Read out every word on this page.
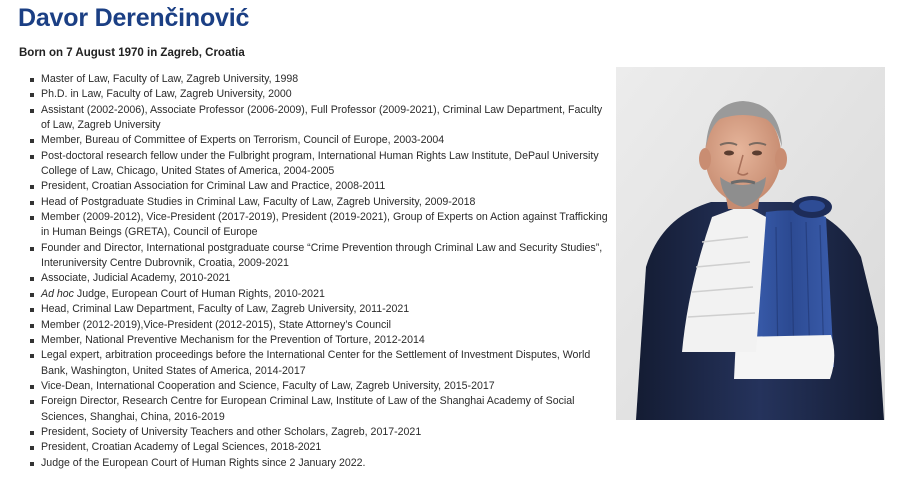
Davor Derenčinović

Born on 7 August 1970 in Zagreb, Croatia

Master of Law, Faculty of Law, Zagreb University, 1998
Ph.D. in Law, Faculty of Law, Zagreb University, 2000
Assistant (2002-2006), Associate Professor (2006-2009), Full Professor (2009-2021), Criminal Law Department, Faculty of Law, Zagreb University
Member, Bureau of Committee of Experts on Terrorism, Council of Europe, 2003-2004
Post-doctoral research fellow under the Fulbright program, International Human Rights Law Institute, DePaul University College of Law, Chicago, United States of America, 2004-2005
President, Croatian Association for Criminal Law and Practice, 2008-2011
Head of Postgraduate Studies in Criminal Law, Faculty of Law, Zagreb University, 2009-2018
Member (2009-2012), Vice-President (2017-2019), President (2019-2021), Group of Experts on Action against Trafficking in Human Beings (GRETA), Council of Europe
Founder and Director, International postgraduate course “Crime Prevention through Criminal Law and Security Studies”, Interuniversity Centre Dubrovnik, Croatia, 2009-2021
Associate, Judicial Academy, 2010-2021
Ad hoc Judge, European Court of Human Rights, 2010-2021
Head, Criminal Law Department, Faculty of Law, Zagreb University, 2011-2021
Member (2012-2019),Vice-President (2012-2015), State Attorney’s Council
Member, National Preventive Mechanism for the Prevention of Torture, 2012-2014
Legal expert, arbitration proceedings before the International Center for the Settlement of Investment Disputes, World Bank, Washington, United States of America, 2014-2017
Vice-Dean, International Cooperation and Science, Faculty of Law, Zagreb University, 2015-2017
Foreign Director, Research Centre for European Criminal Law, Institute of Law of the Shanghai Academy of Social Sciences, Shanghai, China, 2016-2019
President, Society of University Teachers and other Scholars, Zagreb, 2017-2021
President, Croatian Academy of Legal Sciences, 2018-2021
Judge of the European Court of Human Rights since 2 January 2022.
